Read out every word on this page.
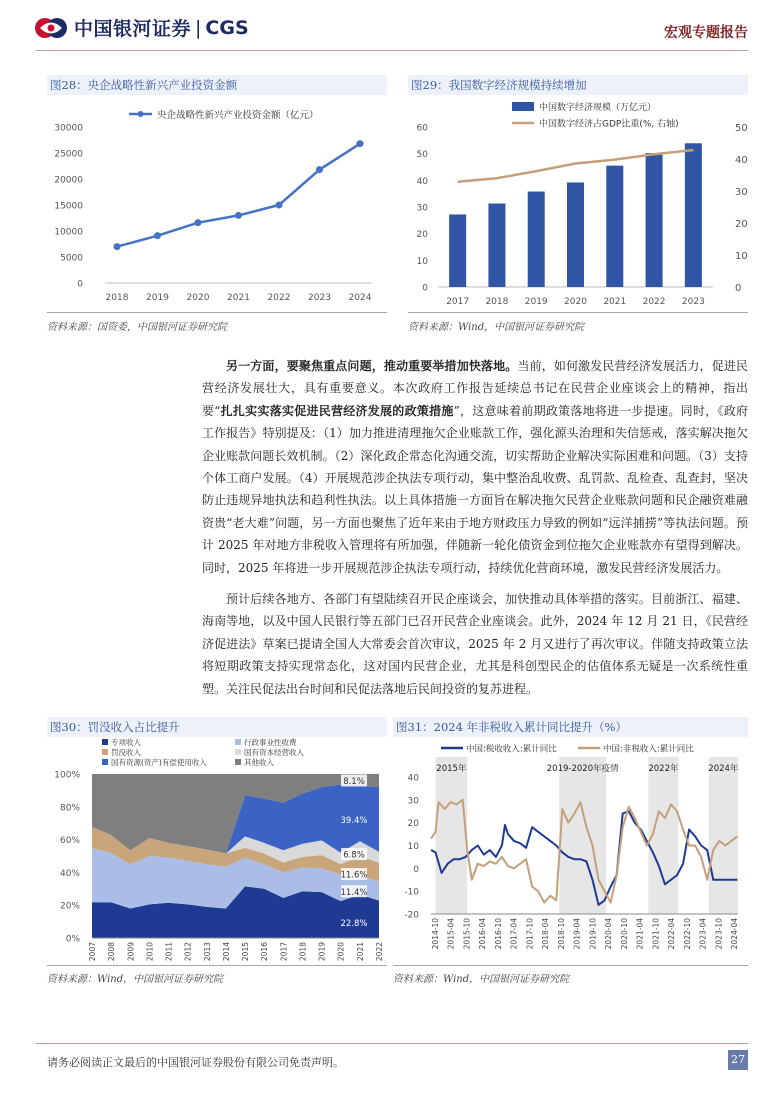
中国银河证券 | CGS	宏观专题报告
图28：央企战略性新兴产业投资金额
央企战略性新兴产业投资金额（亿元）
0
5000
10000
15000
20000
25000
30000
2018 2019 2020 2021 2022 2023 2024
资料来源：国资委，中国银河证券研究院
图29：我国数字经济规模持续增加
中国数字经济规模（万亿元）
中国数字经济占GDP比重(%, 右轴)
0
10
20
30
40
50
60
0
10
20
30
40
50
2017 2018 2019 2020 2021 2022 2023
资料来源：Wind，中国银河证券研究院
另一方面，要聚焦重点问题，推动重要举措加快落地。当前，如何激发民营经济发展活力，促进民营经济发展壮大，具有重要意义。本次政府工作报告延续总书记在民营企业座谈会上的精神，指出要“扎扎实实落实促进民营经济发展的政策措施”，这意味着前期政策落地将进一步提速。同时，《政府工作报告》特别提及：（1）加力推进清理拖欠企业账款工作，强化源头治理和失信惩戒，落实解决拖欠企业账款问题长效机制。（2）深化政企常态化沟通交流，切实帮助企业解决实际困难和问题。（3）支持个体工商户发展。（4）开展规范涉企执法专项行动，集中整治乱收费、乱罚款、乱检查、乱查封，坚决防止违规异地执法和趋利性执法。以上具体措施一方面旨在解决拖欠民营企业账款问题和民企融资难融资贵“老大难”问题，另一方面也聚焦了近年来由于地方财政压力导致的例如“远洋捕捞”等执法问题。预计 2025 年对地方非税收入管理将有所加强，伴随新一轮化债资金到位拖欠企业账款亦有望得到解决。同时，2025 年将进一步开展规范涉企执法专项行动，持续优化营商环境，激发民营经济发展活力。
预计后续各地方、各部门有望陆续召开民企座谈会，加快推动具体举措的落实。目前浙江、福建、海南等地，以及中国人民银行等五部门已召开民营企业座谈会。此外，2024 年 12 月 21 日，《民营经济促进法》草案已提请全国人大常委会首次审议，2025 年 2 月又进行了再次审议。伴随支持政策立法将短期政策支持实现常态化，这对国内民营企业，尤其是科创型民企的估值体系无疑是一次系统性重塑。关注民促法出台时间和民促法落地后民间投资的复苏进程。
图30：罚没收入占比提升
专项收入	行政事业性收费
罚没收入	国有资本经营收入
国有资源(资产)有偿使用收入	其他收入
0%
20%
40%
60%
80%
100%
2007 2008 2009 2010 2011 2012 2013 2014 2015 2016 2017 2018 2019 2020 2021 2022
8.1%
39.4%
6.8%
11.6%
11.4%
22.8%
资料来源：Wind，中国银河证券研究院
图31：2024 年非税收入累计同比提升（%）
2015年	2019-2020年疫情	2022年	2024年
中国:税收收入:累计同比	中国:非税收入:累计同比
-20
-10
0
10
20
30
40
2014-10 2015-04 2015-10 2016-04 2016-10 2017-04 2017-10 2018-04 2018-10 2019-04 2019-10 2020-04 2020-10 2021-04 2021-10 2022-04 2022-10 2023-04 2023-10 2024-04
资料来源：Wind，中国银河证券研究院
请务必阅读正文最后的中国银河证券股份有限公司免责声明。	27
